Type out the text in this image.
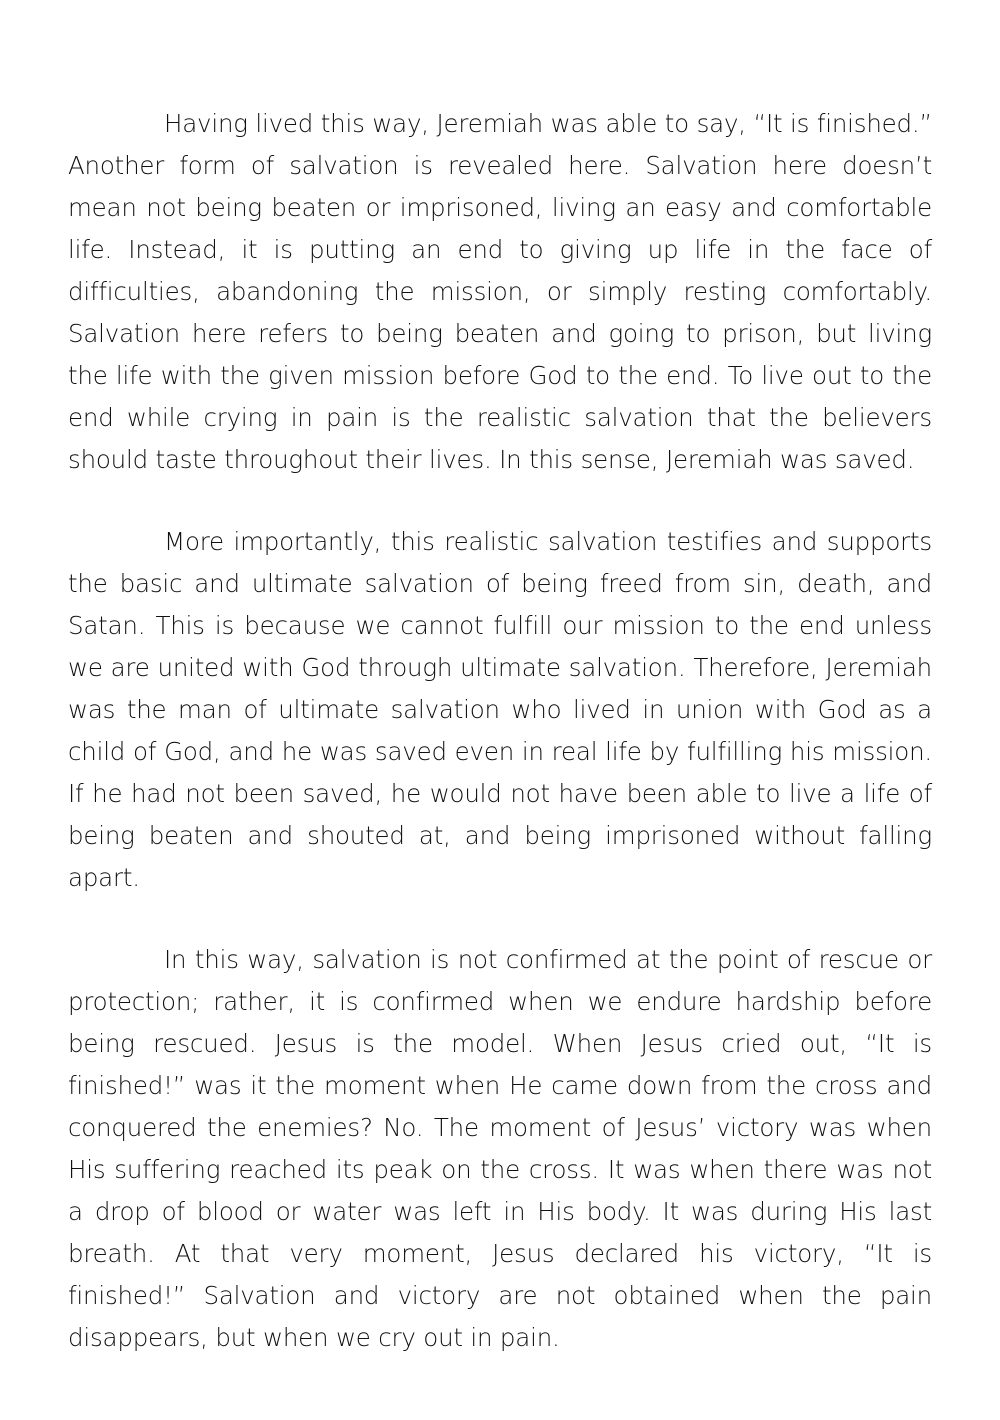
Having lived this way, Jeremiah was able to say, “It is finished.” Another form of salvation is revealed here. Salvation here doesn’t mean not being beaten or imprisoned, living an easy and comfortable life. Instead, it is putting an end to giving up life in the face of difficulties, abandoning the mission, or simply resting comfortably. Salvation here refers to being beaten and going to prison, but living the life with the given mission before God to the end. To live out to the end while crying in pain is the realistic salvation that the believers should taste throughout their lives. In this sense, Jeremiah was saved.

More importantly, this realistic salvation testifies and supports the basic and ultimate salvation of being freed from sin, death, and Satan. This is because we cannot fulfill our mission to the end unless we are united with God through ultimate salvation. Therefore, Jeremiah was the man of ultimate salvation who lived in union with God as a child of God, and he was saved even in real life by fulfilling his mission. If he had not been saved, he would not have been able to live a life of being beaten and shouted at, and being imprisoned without falling apart.

In this way, salvation is not confirmed at the point of rescue or protection; rather, it is confirmed when we endure hardship before being rescued. Jesus is the model. When Jesus cried out, “It is finished!” was it the moment when He came down from the cross and conquered the enemies? No. The moment of Jesus’ victory was when His suffering reached its peak on the cross. It was when there was not a drop of blood or water was left in His body. It was during His last breath. At that very moment, Jesus declared his victory, “It is finished!” Salvation and victory are not obtained when the pain disappears, but when we cry out in pain.
